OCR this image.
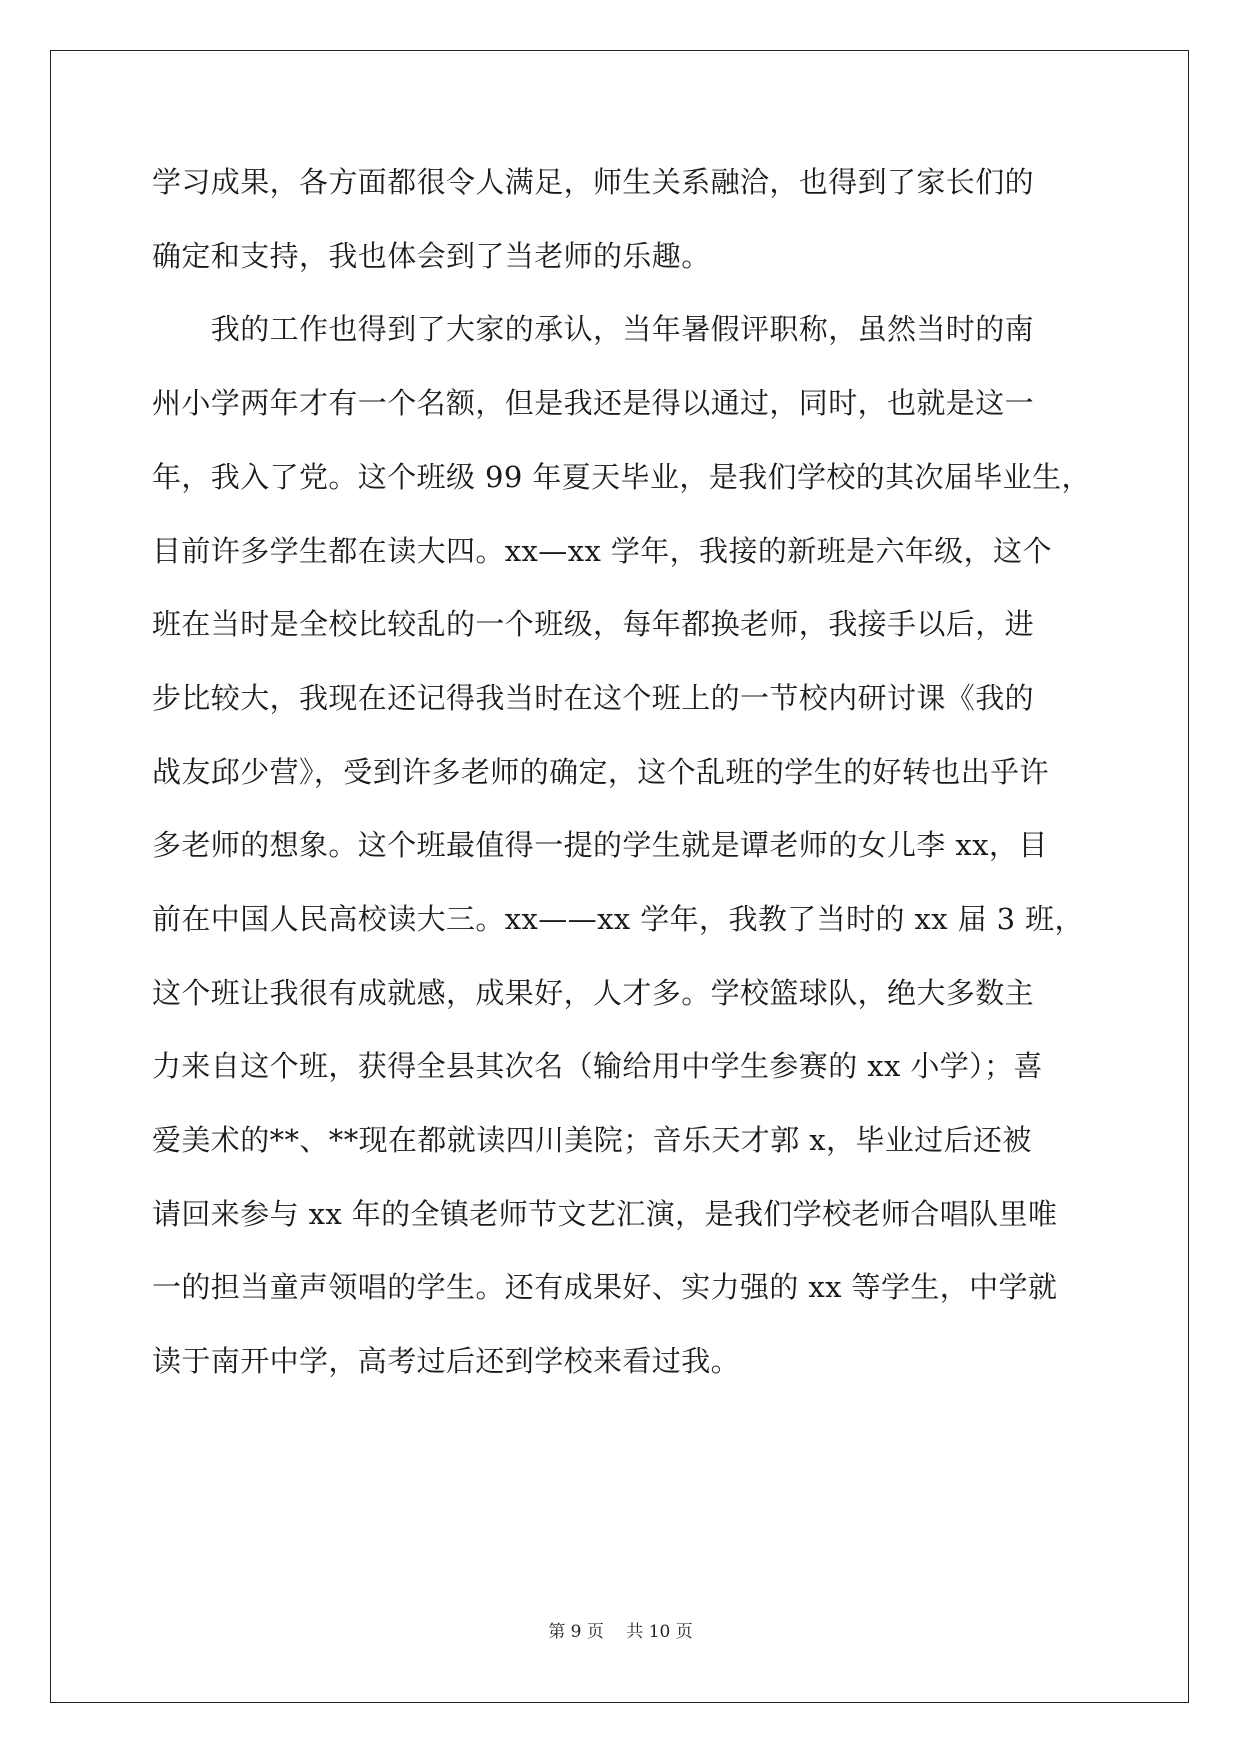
学习成果，各方面都很令人满足，师生关系融洽，也得到了家长们的
确定和支持，我也体会到了当老师的乐趣。
　　我的工作也得到了大家的承认，当年暑假评职称，虽然当时的南
州小学两年才有一个名额，但是我还是得以通过，同时，也就是这一
年，我入了党。这个班级 99 年夏天毕业，是我们学校的其次届毕业生，
目前许多学生都在读大四。xx—xx 学年，我接的新班是六年级，这个
班在当时是全校比较乱的一个班级，每年都换老师，我接手以后，进
步比较大，我现在还记得我当时在这个班上的一节校内研讨课《我的
战友邱少营》，受到许多老师的确定，这个乱班的学生的好转也出乎许
多老师的想象。这个班最值得一提的学生就是谭老师的女儿李 xx，目
前在中国人民高校读大三。xx——xx 学年，我教了当时的 xx 届 3 班，
这个班让我很有成就感，成果好，人才多。学校篮球队，绝大多数主
力来自这个班，获得全县其次名（输给用中学生参赛的 xx 小学）；喜
爱美术的**、**现在都就读四川美院；音乐天才郭 x，毕业过后还被
请回来参与 xx 年的全镇老师节文艺汇演，是我们学校老师合唱队里唯
一的担当童声领唱的学生。还有成果好、实力强的 xx 等学生，中学就
读于南开中学，高考过后还到学校来看过我。
第 9 页　 共 10 页
